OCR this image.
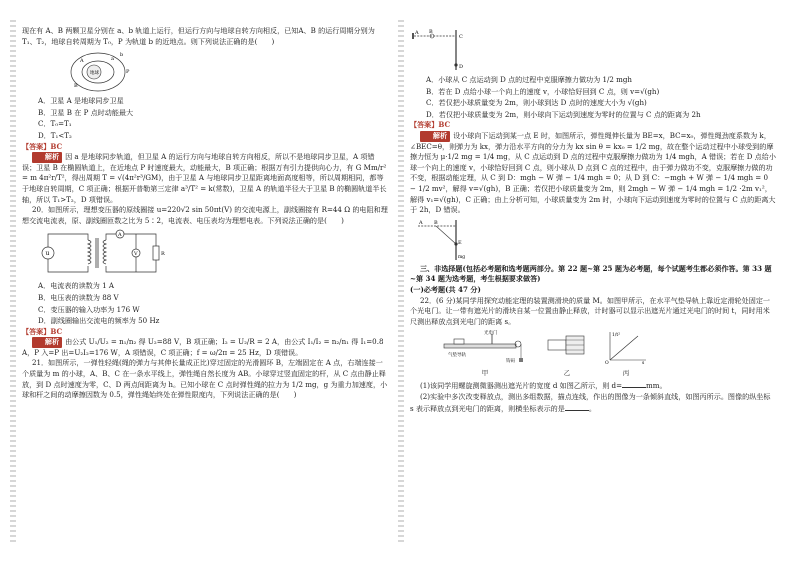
现在有 A、B 两颗卫星分别在 a、b 轨道上运行，但运行方向与地球自转方向相反，已知A、B 的运行周期分别为 T₁、T₂，地球自转周期为 T₀，P 为轨道 b 的近地点。则下列说法正确的是(　　)

地球	P
a
b
A
B

A．卫星 A 是地球同步卫星

B．卫星 B 在 P 点时动能最大

C．T₀=T₁

D．T₁<T₂

【答案】BC

解析 因 a 是地球同步轨道，但卫星 A 的运行方向与地球自转方向相反，所以不是地球同步卫星，A 项错误；卫星 B 在椭圆轨道上，在近地点 P 时速度最大，动能最大，B 项正确；根据万有引力提供向心力，有 G Mm/r² = m 4π²r/T²，得出周期 T = √(4π²r³/GM)，由于卫星 A 与地球同步卫星距离地面高度相等，所以周期相同，都等于地球自转周期，C 项正确；根据开普勒第三定律 a³/T² = k(常数)，卫星 A 的轨道半径大于卫星 B 的椭圆轨道半长轴，所以 T₁>T₂，D 项错误。

20．如图所示，理想变压器的原线圈接 u=220√2 sin 50πt(V) 的交流电源上，副线圈接有 R=44 Ω 的电阻和理想交流电流表，原、副线圈匝数之比为 5∶2，电流表、电压表均为理想电表。下列说法正确的是(　　)

u
A
V	R

A．电流表的读数为 1 A

B．电压表的读数为 88 V

C．变压器的输入功率为 176 W

D．副线圈输出交流电的频率为 50 Hz

【答案】BC

解析 由公式 U₁/U₂ = n₁/n₂ 得 U₂=88 V，B 项正确；I₂ = U₂/R = 2 A，由公式 I₁/I₂ = n₂/n₁ 得 I₁=0.8 A，P 入=P 出=U₂I₂=176 W，A 项错误，C 项正确；f = ω/2π = 25 Hz，D 项错误。

21．如图所示，一弹性轻绳(绳的弹力与其伸长量成正比)穿过固定的光滑圆环 B，左端固定在 A 点，右端连接一个质量为 m 的小球，A、B、C 在一条水平线上，弹性绳自然长度为 AB。小球穿过竖直固定的杆，从 C 点由静止释放，到 D 点时速度为零，C、D 两点间距离为 h。已知小球在 C 点时弹性绳的拉力为 1/2 mg，g 为重力加速度，小球和杆之间的动摩擦因数为 0.5，弹性绳始终处在弹性限度内，下列说法正确的是(　　)

A B
C
D

A．小球从 C 点运动到 D 点的过程中克服摩擦力做功为 1/2 mgh

B．若在 D 点给小球一个向上的速度 v，小球恰好回到 C 点，则 v=√(gh)

C．若仅把小球质量变为 2m，则小球到达 D 点时的速度大小为 √(gh)

D．若仅把小球质量变为 2m，则小球向下运动到速度为零时的位置与 C 点的距离为 2h

【答案】BC

解析 设小球向下运动到某一点 E 时，如图所示，弹性绳伸长量为 BE=x，BC=x₀，弹性绳劲度系数为 k，∠BEC=θ，则弹力为 kx，弹力沿水平方向的分力为 kx sin θ = kx₀ = 1/2 mg，故在整个运动过程中小球受到的摩擦力恒为 μ·1/2 mg = 1/4 mg，从 C 点运动到 D 点的过程中克服摩擦力做功为 1/4 mgh，A 错误；若在 D 点给小球一个向上的速度 v，小球恰好回到 C 点，则小球从 D 点到 C 点的过程中，由于弹力做功不变，克服摩擦力做的功不变，根据动能定理，从 C 到 D：mgh − W 弹 − 1/4 mgh = 0；从 D 到 C：−mgh + W 弹 − 1/4 mgh = 0 − 1/2 mv²，解得 v=√(gh)，B 正确；若仅把小球质量变为 2m，则 2mgh − W 弹 − 1/4 mgh = 1/2 ·2m v₁²，解得 v₁=√(gh)，C 正确；由上分析可知，小球质量变为 2m 时，小球向下运动到速度为零时的位置与 C 点的距离大于 2h，D 错误。

A B
E
mg

三、非选择题(包括必考题和选考题两部分。第 22 题~第 25 题为必考题，每个试题考生都必须作答。第 33 题~第 34 题为选考题，考生根据要求做答)

(一)必考题(共 47 分)

22．(6 分)某同学用探究动能定理的装置测滑块的质量 M。如图甲所示，在水平气垫导轨上靠近定滑轮处固定一个光电门。让一带有遮光片的滑块自某一位置由静止释放，计时器可以显示出遮光片通过光电门的时间 t，同时用米尺测出释放点到光电门的距离 s。

光电门
气垫导轨
钩码
甲	乙
O	s
1/t²
丙

(1)该同学用螺旋测微器测出遮光片的宽度 d 如图乙所示，则 d=	mm。

(2)实验中多次改变释放点，测出多组数据，描点连线，作出的图像为一条倾斜直线，如图丙所示。图像的纵坐标 s 表示释放点到光电门的距离，则横坐标表示的是	。
